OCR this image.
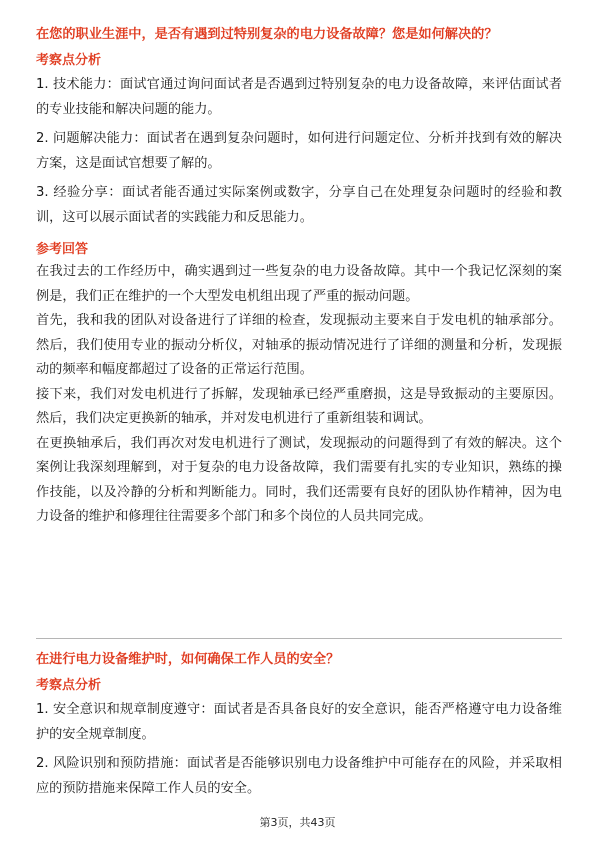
在您的职业生涯中，是否有遇到过特别复杂的电力设备故障？您是如何解决的？

考察点分析

1. 技术能力：面试官通过询问面试者是否遇到过特别复杂的电力设备故障，来评估面试者的专业技能和解决问题的能力。

2. 问题解决能力：面试者在遇到复杂问题时，如何进行问题定位、分析并找到有效的解决方案，这是面试官想要了解的。

3. 经验分享：面试者能否通过实际案例或数字，分享自己在处理复杂问题时的经验和教训，这可以展示面试者的实践能力和反思能力。

参考回答

在我过去的工作经历中，确实遇到过一些复杂的电力设备故障。其中一个我记忆深刻的案例是，我们正在维护的一个大型发电机组出现了严重的振动问题。

首先，我和我的团队对设备进行了详细的检查，发现振动主要来自于发电机的轴承部分。然后，我们使用专业的振动分析仪，对轴承的振动情况进行了详细的测量和分析，发现振动的频率和幅度都超过了设备的正常运行范围。

接下来，我们对发电机进行了拆解，发现轴承已经严重磨损，这是导致振动的主要原因。然后，我们决定更换新的轴承，并对发电机进行了重新组装和调试。

在更换轴承后，我们再次对发电机进行了测试，发现振动的问题得到了有效的解决。这个案例让我深刻理解到，对于复杂的电力设备故障，我们需要有扎实的专业知识，熟练的操作技能，以及冷静的分析和判断能力。同时，我们还需要有良好的团队协作精神，因为电力设备的维护和修理往往需要多个部门和多个岗位的人员共同完成。

在进行电力设备维护时，如何确保工作人员的安全？

考察点分析

1. 安全意识和规章制度遵守：面试者是否具备良好的安全意识，能否严格遵守电力设备维护的安全规章制度。

2. 风险识别和预防措施：面试者是否能够识别电力设备维护中可能存在的风险，并采取相应的预防措施来保障工作人员的安全。

第3页，共43页
